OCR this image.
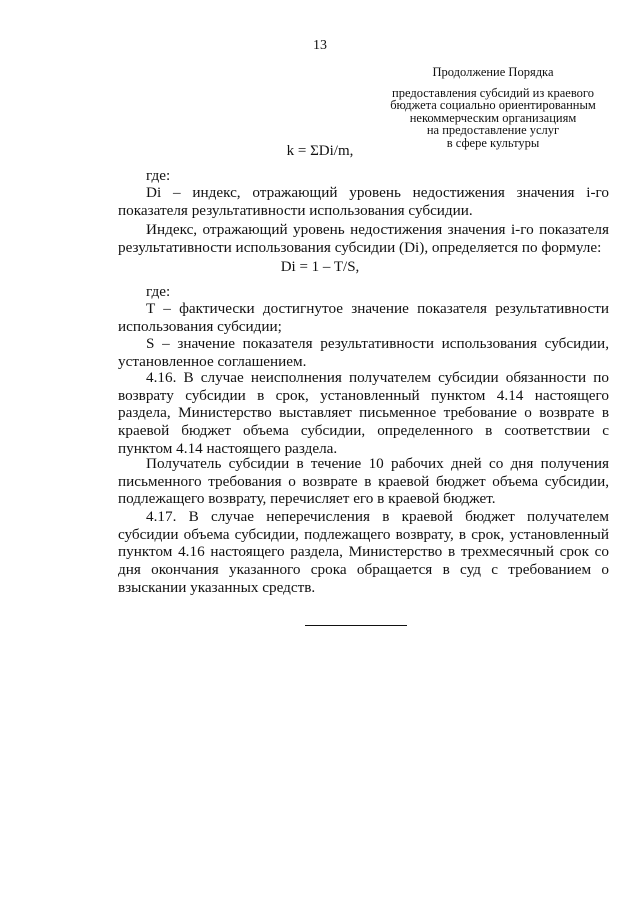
13
Продолжение Порядка
предоставления субсидий из краевого
бюджета социально ориентированным
некоммерческим организациям
на предоставление услуг
в сфере культуры
k = ΣDi/m,
где:
Di – индекс, отражающий уровень недостижения значения i-го показателя результативности использования субсидии.
Индекс, отражающий уровень недостижения значения i-го показателя результативности использования субсидии (Di), определяется по формуле:
Di = 1 – T/S,
где:
T – фактически достигнутое значение показателя результативности использования субсидии;
S – значение показателя результативности использования субсидии, установленное соглашением.
4.16. В случае неисполнения получателем субсидии обязанности по возврату субсидии в срок, установленный пунктом 4.14 настоящего раздела, Министерство выставляет письменное требование о возврате в краевой бюджет объема субсидии, определенного в соответствии с пунктом 4.14 настоящего раздела.
Получатель субсидии в течение 10 рабочих дней со дня получения письменного требования о возврате в краевой бюджет объема субсидии, подлежащего возврату, перечисляет его в краевой бюджет.
4.17. В случае неперечисления в краевой бюджет получателем субсидии объема субсидии, подлежащего возврату, в срок, установленный пунктом 4.16 настоящего раздела, Министерство в трехмесячный срок со дня окончания указанного срока обращается в суд с требованием о взыскании указанных средств.
